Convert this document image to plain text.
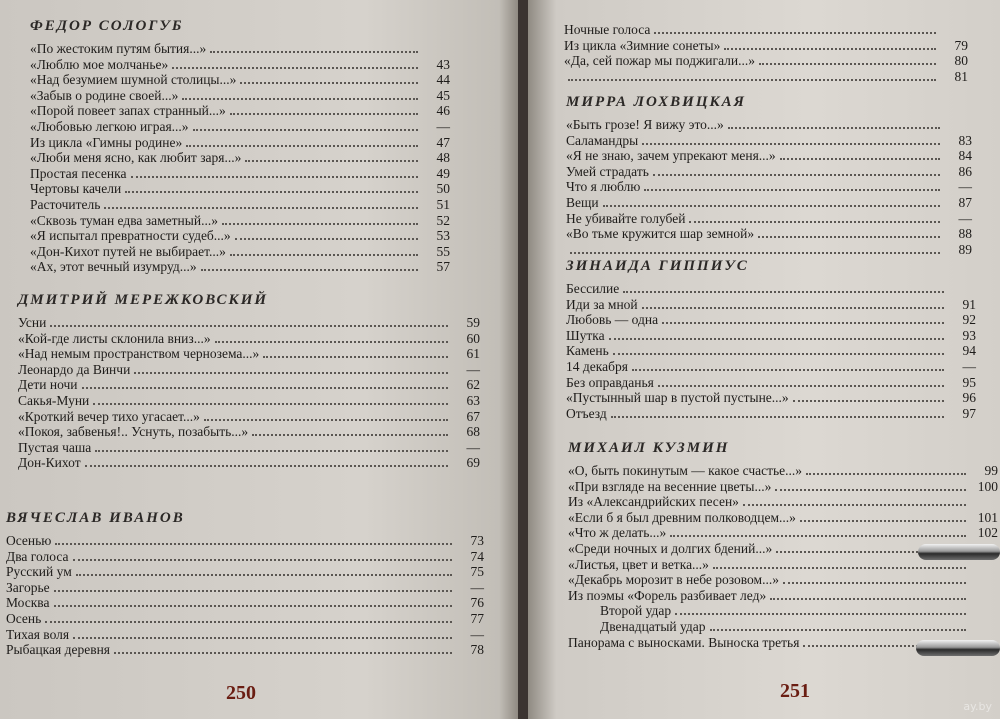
ФЕДОР СОЛОГУБ
«По жестоким путям бытия...»
«Люблю мое молчанье»	43
«Над безумием шумной столицы...»	44
«Забыв о родине своей...»	45
«Порой повеет запах странный...»	46
«Любовью легкою играя...»	—
Из цикла «Гимны родине»	47
«Люби меня ясно, как любит заря...»	48
Простая песенка	49
Чертовы качели	50
Расточитель	51
«Сквозь туман едва заметный...»	52
«Я испытал превратности судеб...»	53
«Дон-Кихот путей не выбирает...»	55
«Ах, этот вечный изумруд...»	57
ДМИТРИЙ МЕРЕЖКОВСКИЙ
Усни	59
«Кой-где листы склонила вниз...»	60
«Над немым пространством чернозема...»	61
Леонардо да Винчи	—
Дети ночи	62
Сакья-Муни	63
«Кроткий вечер тихо угасает...»	67
«Покоя, забвенья!.. Уснуть, позабыть...»	68
Пустая чаша	—
Дон-Кихот	69
ВЯЧЕСЛАВ ИВАНОВ
Осенью	73
Два голоса	74
Русский ум	75
Загорье	—
Москва	76
Осень	77
Тихая воля	—
Рыбацкая деревня	78
250
Ночные голоса
Из цикла «Зимние сонеты»	79
«Да, сей пожар мы поджигали...»	80
81
МИРРА ЛОХВИЦКАЯ
«Быть грозе! Я вижу это...»
Саламандры	83
«Я не знаю, зачем упрекают меня...»	84
Умей страдать	86
Что я люблю	—
Вещи	87
Не убивайте голубей	—
«Во тьме кружится шар земной»	88
89
ЗИНАИДА ГИППИУС
Бессилие
Иди за мной	91
Любовь — одна	92
Шутка	93
Камень	94
14 декабря	—
Без оправданья	95
«Пустынный шар в пустой пустыне...»	96
Отъезд	97
МИХАИЛ КУЗМИН
«О, быть покинутым — какое счастье...»	99
«При взгляде на весенние цветы...»	100
Из «Александрийских песен»
«Если б я был древним полководцем...»	101
«Что ж делать...»	102
«Среди ночных и долгих бдений...»
«Листья, цвет и ветка...»
«Декабрь морозит в небе розовом...»
Из поэмы «Форель разбивает лед»
Второй удар
Двенадцатый удар
Панорама с выносками. Выноска третья
251
ay.by
